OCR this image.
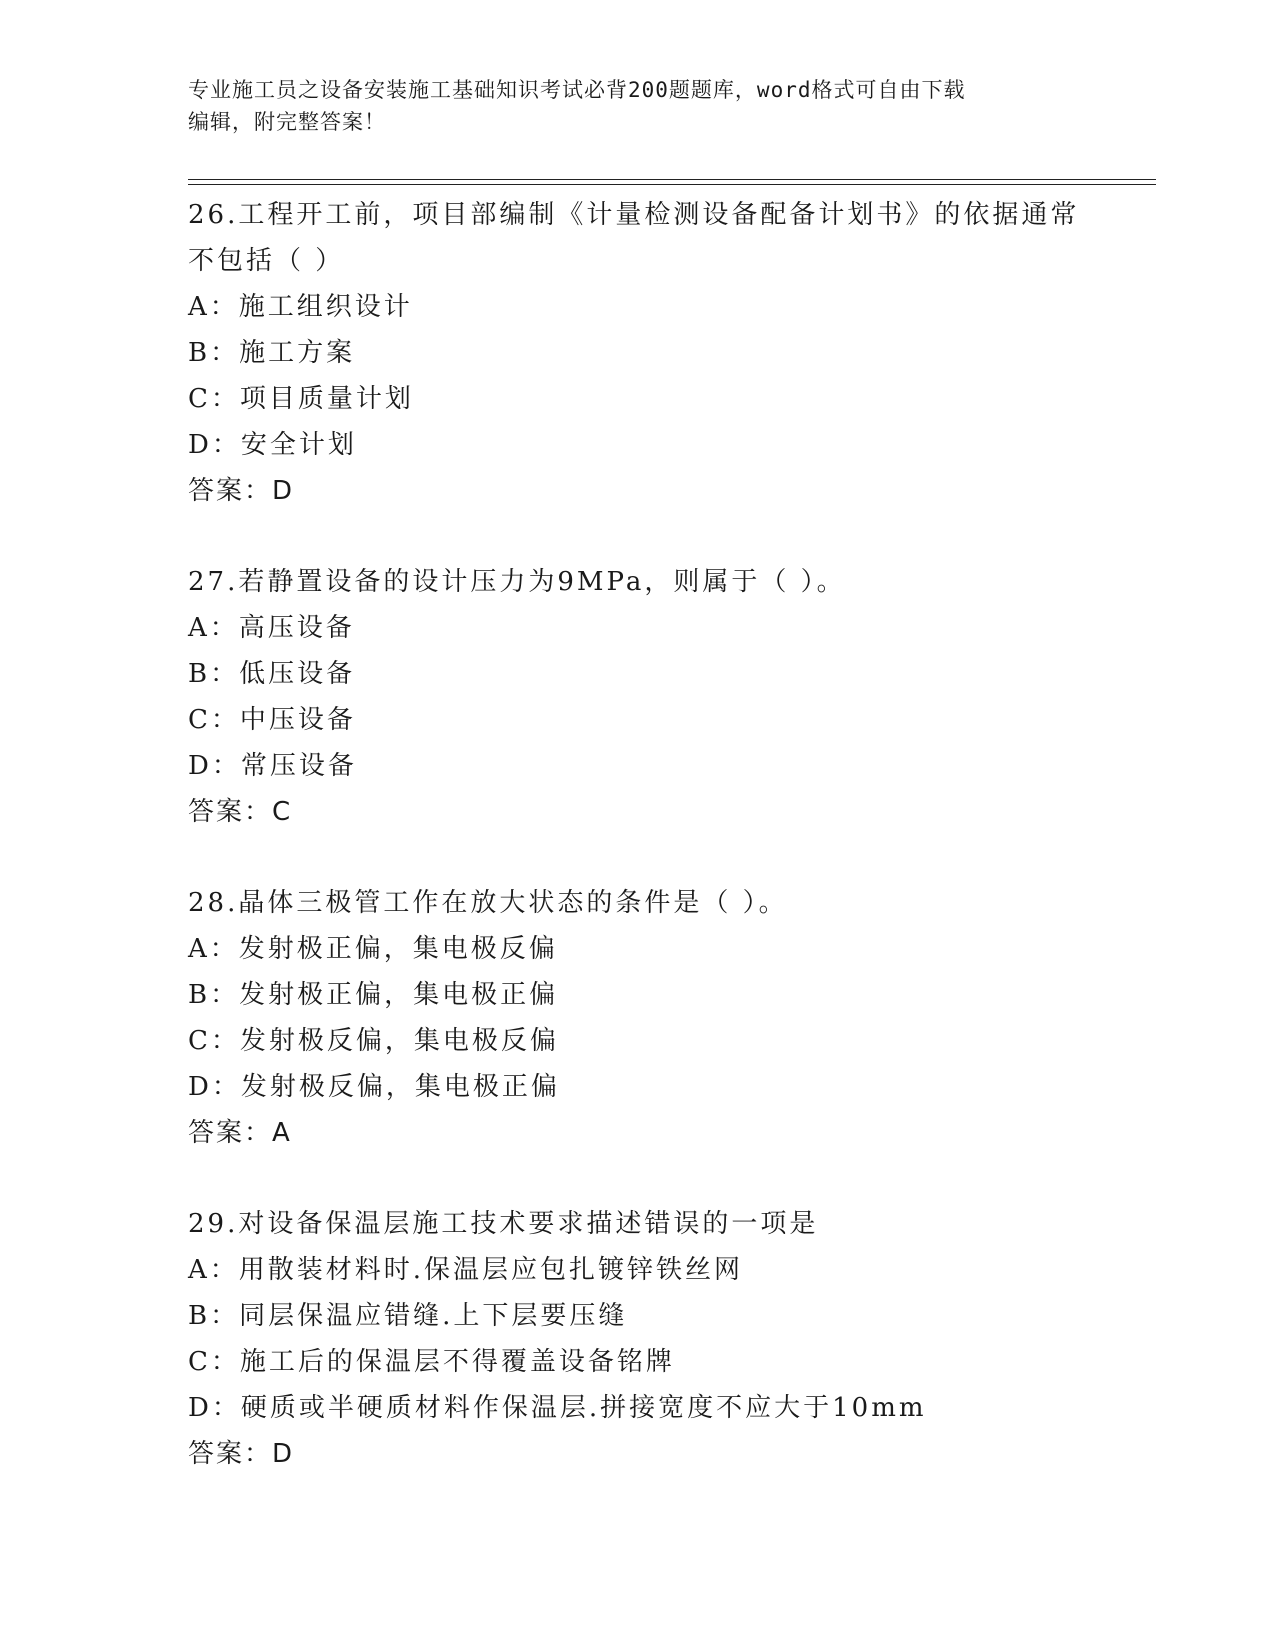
专业施工员之设备安装施工基础知识考试必背200题题库，word格式可自由下载
编辑，附完整答案！
26.工程开工前，项目部编制《计量检测设备配备计划书》的依据通常
不包括（ ）
A：施工组织设计
B：施工方案
C：项目质量计划
D：安全计划
答案：D
27.若静置设备的设计压力为9MPa，则属于（ ）。
A：高压设备
B：低压设备
C：中压设备
D：常压设备
答案：C
28.晶体三极管工作在放大状态的条件是（ ）。
A：发射极正偏，集电极反偏
B：发射极正偏，集电极正偏
C：发射极反偏，集电极反偏
D：发射极反偏，集电极正偏
答案：A
29.对设备保温层施工技术要求描述错误的一项是
A：用散装材料时.保温层应包扎镀锌铁丝网
B：同层保温应错缝.上下层要压缝
C：施工后的保温层不得覆盖设备铭牌
D：硬质或半硬质材料作保温层.拼接宽度不应大于10mm
答案：D
